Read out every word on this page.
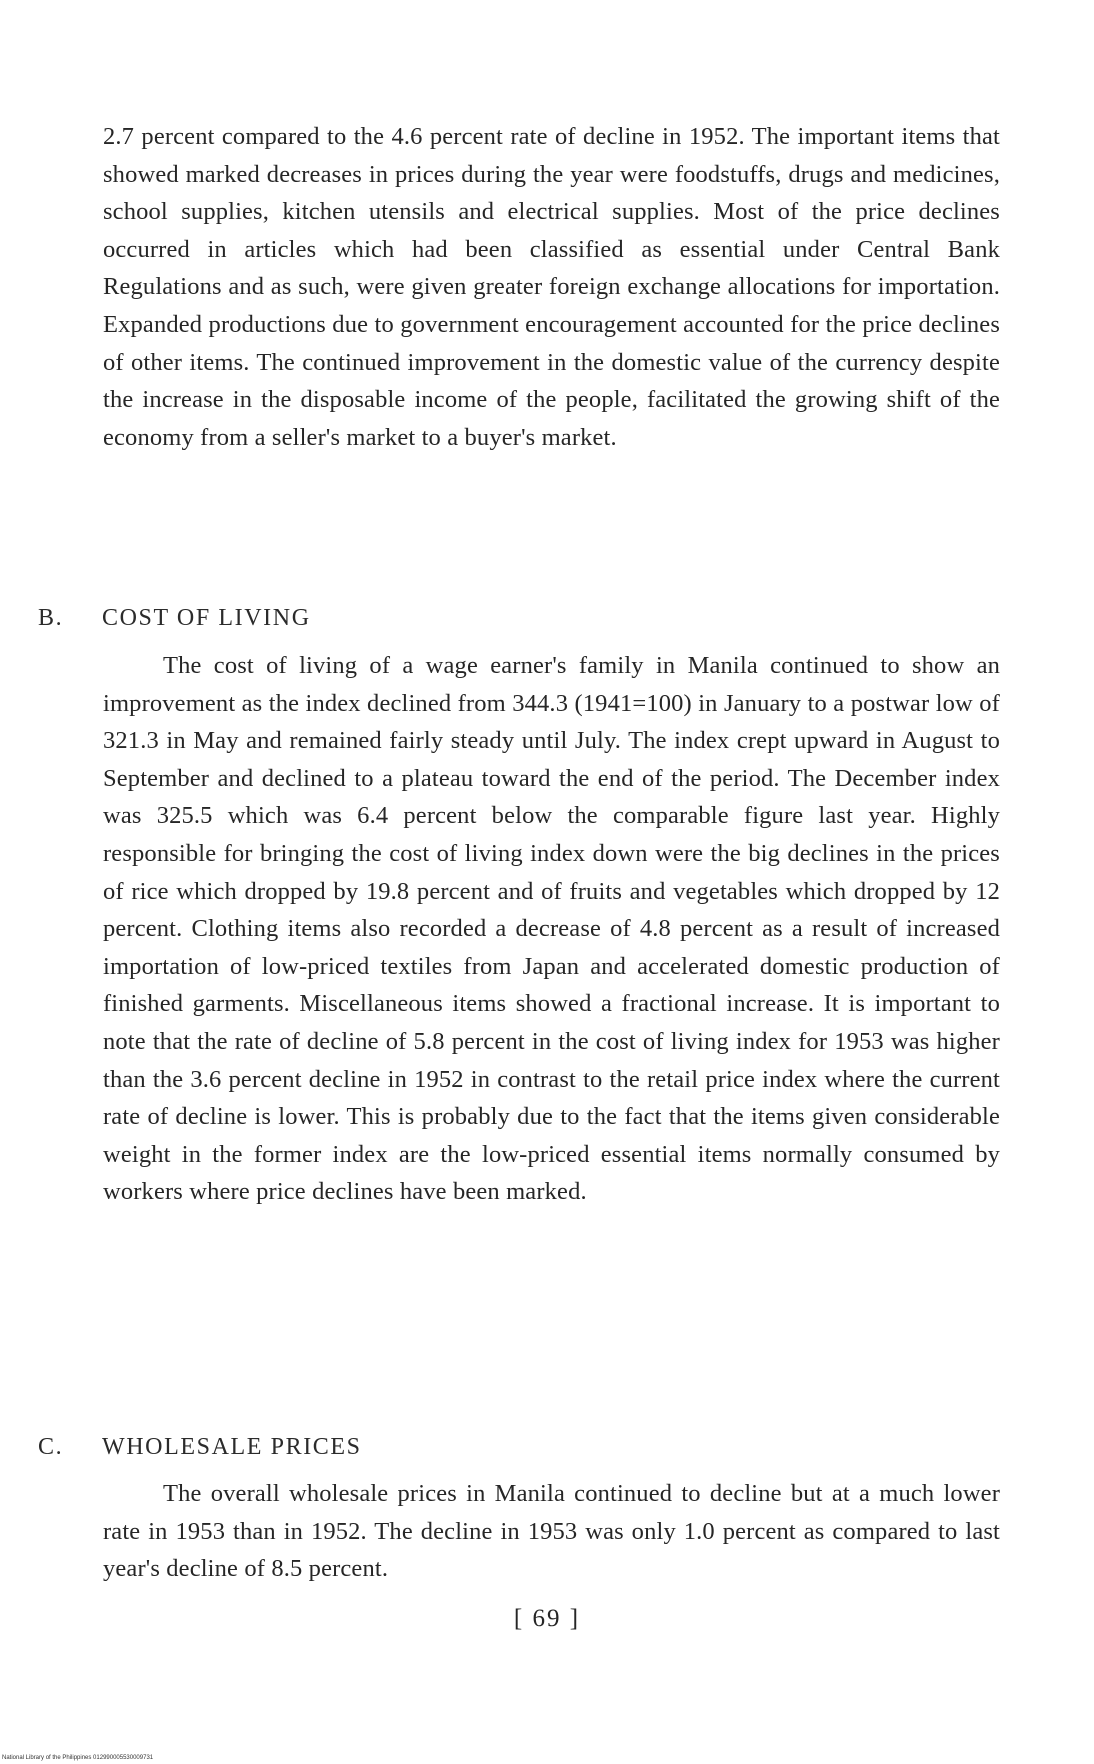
2.7 percent compared to the 4.6 percent rate of decline in 1952. The important items that showed marked decreases in prices during the year were foodstuffs, drugs and medicines, school supplies, kitchen utensils and electrical supplies. Most of the price declines occurred in articles which had been classified as essential under Central Bank Regulations and as such, were given greater foreign exchange allocations for importation. Expanded productions due to government encouragement accounted for the price declines of other items. The continued improvement in the domestic value of the currency despite the increase in the disposable income of the people, facilitated the growing shift of the economy from a seller's market to a buyer's market.

B. COST OF LIVING

The cost of living of a wage earner's family in Manila continued to show an improvement as the index declined from 344.3 (1941=100) in January to a postwar low of 321.3 in May and remained fairly steady until July. The index crept upward in August to September and declined to a plateau toward the end of the period. The December index was 325.5 which was 6.4 percent below the comparable figure last year. Highly responsible for bringing the cost of living index down were the big declines in the prices of rice which dropped by 19.8 percent and of fruits and vegetables which dropped by 12 percent. Clothing items also recorded a decrease of 4.8 percent as a result of increased importation of low-priced textiles from Japan and accelerated domestic production of finished garments. Miscellaneous items showed a fractional increase. It is important to note that the rate of decline of 5.8 percent in the cost of living index for 1953 was higher than the 3.6 percent decline in 1952 in contrast to the retail price index where the current rate of decline is lower. This is probably due to the fact that the items given considerable weight in the former index are the low-priced essential items normally consumed by workers where price declines have been marked.

C. WHOLESALE PRICES

The overall wholesale prices in Manila continued to decline but at a much lower rate in 1953 than in 1952. The decline in 1953 was only 1.0 percent as compared to last year's decline of 8.5 percent.

[ 69 ]
National Library of the Philippines 012990005530009731
